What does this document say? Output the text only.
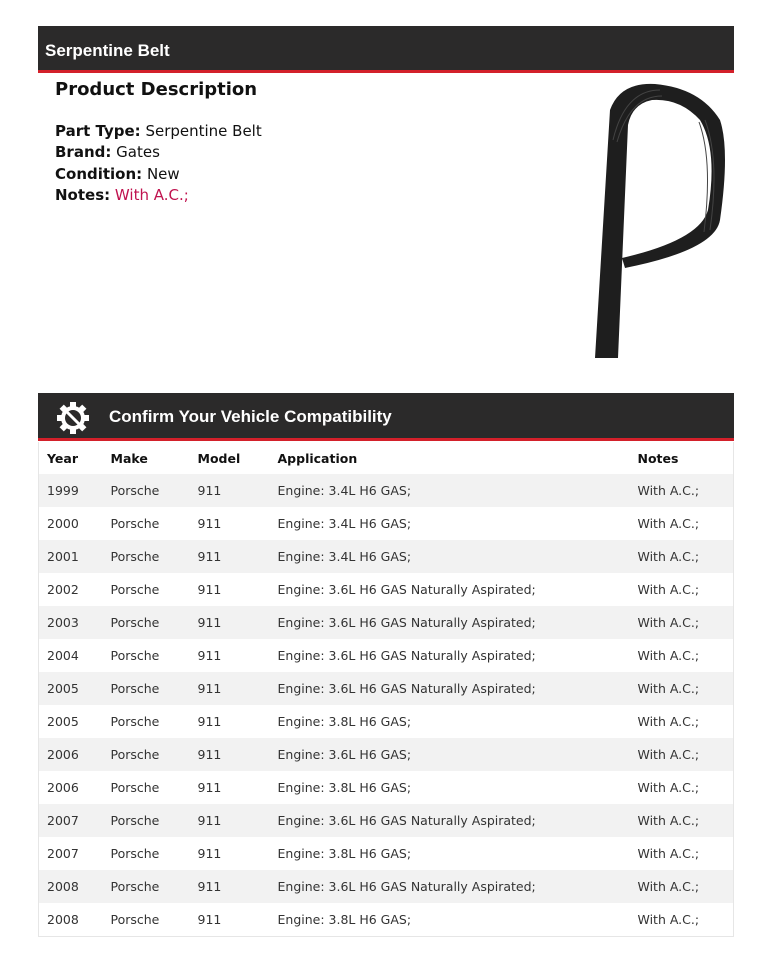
Serpentine Belt
Product Description
Part Type: Serpentine Belt
Brand: Gates
Condition: New
Notes: With A.C.;
Confirm Your Vehicle Compatibility
Year	Make	Model	Application	Notes
1999	Porsche	911	Engine: 3.4L H6 GAS;	With A.C.;
2000	Porsche	911	Engine: 3.4L H6 GAS;	With A.C.;
2001	Porsche	911	Engine: 3.4L H6 GAS;	With A.C.;
2002	Porsche	911	Engine: 3.6L H6 GAS Naturally Aspirated;	With A.C.;
2003	Porsche	911	Engine: 3.6L H6 GAS Naturally Aspirated;	With A.C.;
2004	Porsche	911	Engine: 3.6L H6 GAS Naturally Aspirated;	With A.C.;
2005	Porsche	911	Engine: 3.6L H6 GAS Naturally Aspirated;	With A.C.;
2005	Porsche	911	Engine: 3.8L H6 GAS;	With A.C.;
2006	Porsche	911	Engine: 3.6L H6 GAS;	With A.C.;
2006	Porsche	911	Engine: 3.8L H6 GAS;	With A.C.;
2007	Porsche	911	Engine: 3.6L H6 GAS Naturally Aspirated;	With A.C.;
2007	Porsche	911	Engine: 3.8L H6 GAS;	With A.C.;
2008	Porsche	911	Engine: 3.6L H6 GAS Naturally Aspirated;	With A.C.;
2008	Porsche	911	Engine: 3.8L H6 GAS;	With A.C.;
